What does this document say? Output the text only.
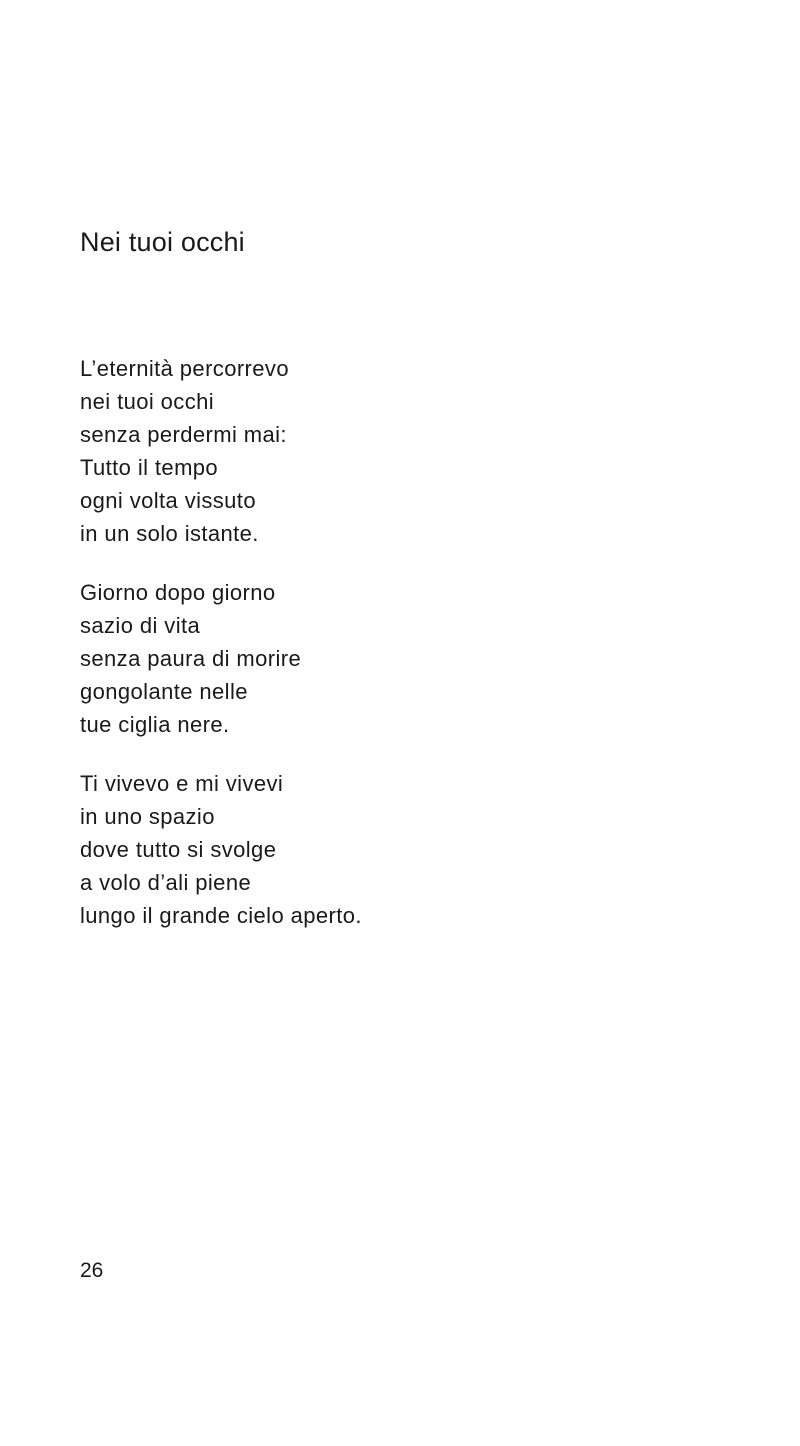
Nei tuoi occhi

L’eternità percorrevo
nei tuoi occhi
senza perdermi mai:
Tutto il tempo
ogni volta vissuto
in un solo istante.

Giorno dopo giorno
sazio di vita
senza paura di morire
gongolante nelle
tue ciglia nere.

Ti vivevo e mi vivevi
in uno spazio
dove tutto si svolge
a volo d’ali piene
lungo il grande cielo aperto.

26
